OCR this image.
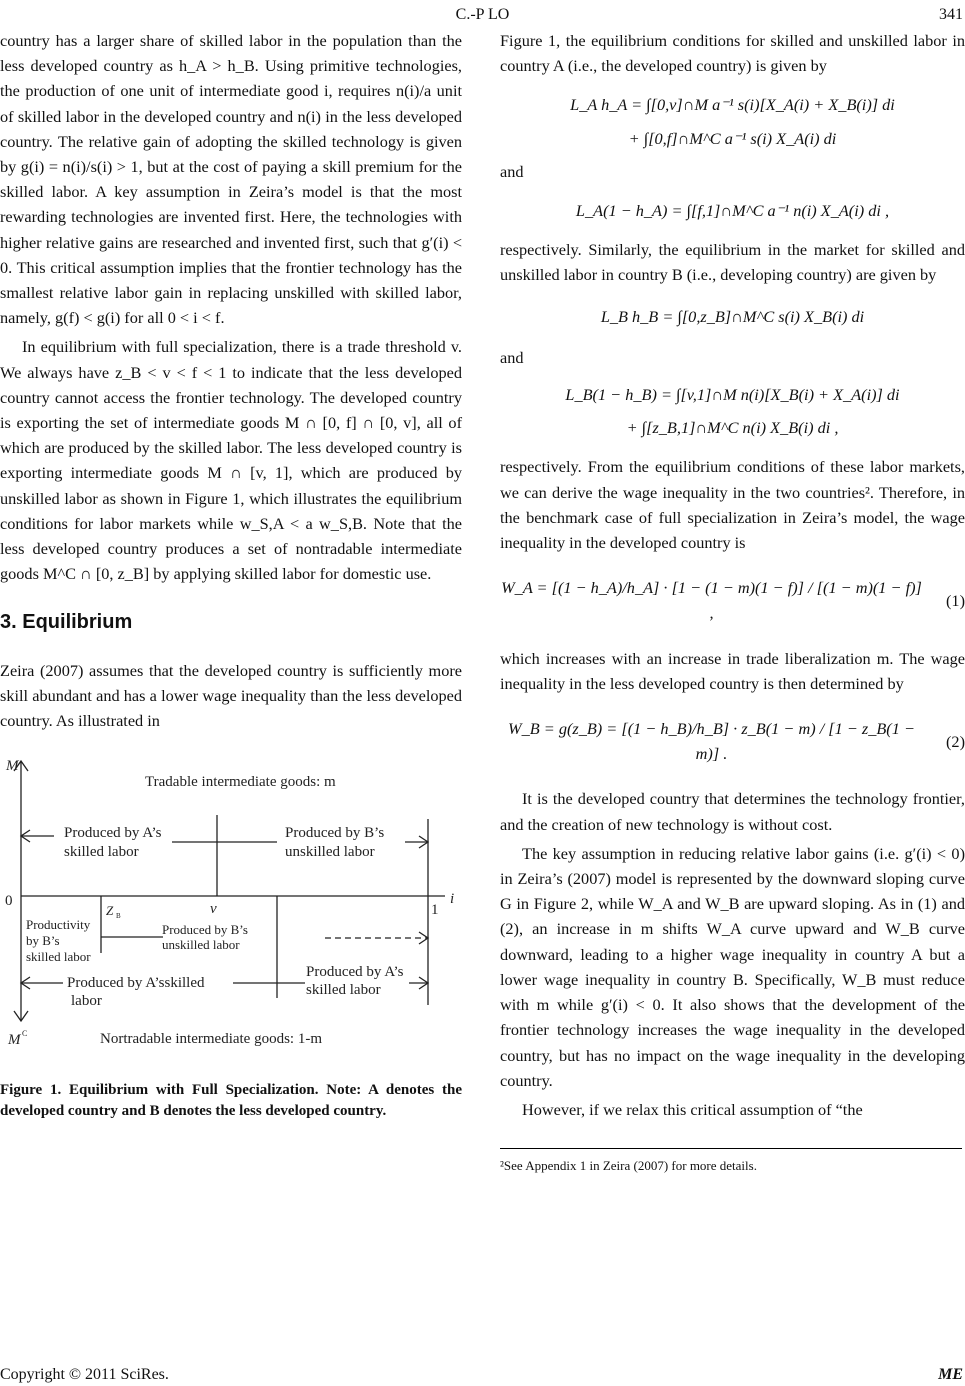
C.-P LO	341

country has a larger share of skilled labor in the population than the less developed country as h_A > h_B. Using primitive technologies, the production of one unit of intermediate good i, requires n(i)/a unit of skilled labor in the developed country and n(i) in the less developed country. The relative gain of adopting the skilled technology is given by g(i) = n(i)/s(i) > 1, but at the cost of paying a skill premium for the skilled labor. A key assumption in Zeira’s model is that the most rewarding technologies are invented first. Here, the technologies with higher relative gains are researched and invented first, such that g′(i) < 0. This critical assumption implies that the frontier technology has the smallest relative labor gain in replacing unskilled with skilled labor, namely, g(f) < g(i) for all 0 < i < f.

In equilibrium with full specialization, there is a trade threshold v. We always have z_B < v < f < 1 to indicate that the less developed country cannot access the frontier technology. The developed country is exporting the set of intermediate goods M ∩ [0, f] ∩ [0, v], all of which are produced by the skilled labor. The less developed country is exporting intermediate goods M ∩ [v, 1], which are produced by unskilled labor as shown in Figure 1, which illustrates the equilibrium conditions for labor markets while w_S,A < a w_S,B. Note that the less developed country produces a set of nontradable intermediate goods M^C ∩ [0, z_B] by applying skilled labor for domestic use.

3. Equilibrium

Zeira (2007) assumes that the developed country is sufficiently more skill abundant and has a lower wage inequality than the less developed country. As illustrated in

M
Tradable intermediate goods: m
Produced by A’s
skilled labor
Produced by B’s
unskilled labor
0	i
1
Z B	v
Productivity
by B’s
skilled labor
Produced by B’s
unskilled labor
Produced by A’sskilled
labor
Produced by A’s
skilled labor
M C	Nortradable intermediate goods: 1-m

Figure 1. Equilibrium with Full Specialization. Note: A denotes the developed country and B denotes the less developed country.

Figure 1, the equilibrium conditions for skilled and unskilled labor in country A (i.e., the developed country) is given by

L_A h_A = ∫[0,v]∩M a⁻¹ s(i)[X_A(i) + X_B(i)] di
+ ∫[0,f]∩M^C a⁻¹ s(i) X_A(i) di

and

L_A(1 − h_A) = ∫[f,1]∩M^C a⁻¹ n(i) X_A(i) di ,

respectively. Similarly, the equilibrium in the market for skilled and unskilled labor in country B (i.e., developing country) are given by

L_B h_B = ∫[0,z_B]∩M^C s(i) X_B(i) di

and

L_B(1 − h_B) = ∫[v,1]∩M n(i)[X_B(i) + X_A(i)] di
+ ∫[z_B,1]∩M^C n(i) X_B(i) di ,

respectively. From the equilibrium conditions of these labor markets, we can derive the wage inequality in the two countries². Therefore, in the benchmark case of full specialization in Zeira’s model, the wage inequality in the developed country is

W_A = [(1 − h_A)/h_A] · [1 − (1 − m)(1 − f)] / [(1 − m)(1 − f)] ,
(1)

which increases with an increase in trade liberalization m. The wage inequality in the less developed country is then determined by

W_B = g(z_B) = [(1 − h_B)/h_B] · z_B(1 − m) / [1 − z_B(1 − m)] .
(2)

It is the developed country that determines the technology frontier, and the creation of new technology is without cost.

The key assumption in reducing relative labor gains (i.e. g′(i) < 0) in Zeira’s (2007) model is represented by the downward sloping curve G in Figure 2, while W_A and W_B are upward sloping. As in (1) and (2), an increase in m shifts W_A curve upward and W_B curve downward, leading to a higher wage inequality in country A but a lower wage inequality in country B. Specifically, W_B must reduce with m while g′(i) < 0. It also shows that the development of the frontier technology increases the wage inequality in the developed country, but has no impact on the wage inequality in the developing country.

However, if we relax this critical assumption of “the

²See Appendix 1 in Zeira (2007) for more details.

Copyright © 2011 SciRes.	ME
